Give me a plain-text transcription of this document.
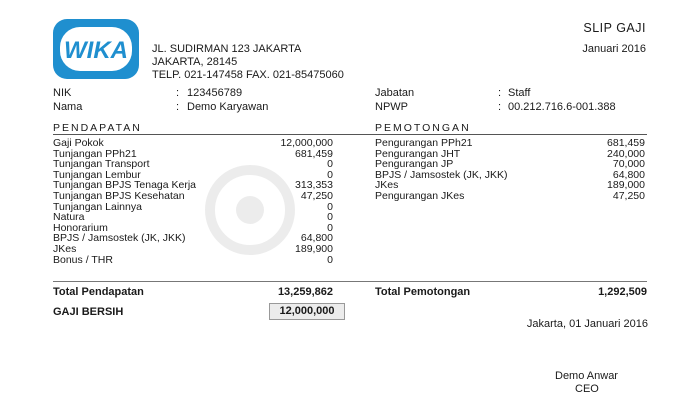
WIKA JL. SUDIRMAN 123 JAKARTA
JAKARTA, 28145
TELP. 021-147458 FAX. 021-85475060
SLIP GAJI
Januari 2016
NIK	: 123456789
Nama	: Demo Karyawan
Jabatan	: Staff
NPWP	: 00.212.716.6-001.388
PENDAPATAN	PEMOTONGAN
Gaji Pokok	12,000,000
Tunjangan PPh21	681,459
Tunjangan Transport	0
Tunjangan Lembur	0
Tunjangan BPJS Tenaga Kerja	313,353
Tunjangan BPJS Kesehatan	47,250
Tunjangan Lainnya	0
Natura	0
Honorarium	0
BPJS / Jamsostek (JK, JKK)	64,800
JKes	189,900
Bonus / THR	0
Pengurangan PPh21	681,459
Pengurangan JHT	240,000
Pengurangan JP	70,000
BPJS / Jamsostek (JK, JKK)	64,800
JKes	189,000
Pengurangan JKes	47,250
Total Pendapatan	13,259,862	Total Pemotongan	1,292,509
GAJI BERSIH	12,000,000
Jakarta, 01 Januari 2016
Demo Anwar
CEO
